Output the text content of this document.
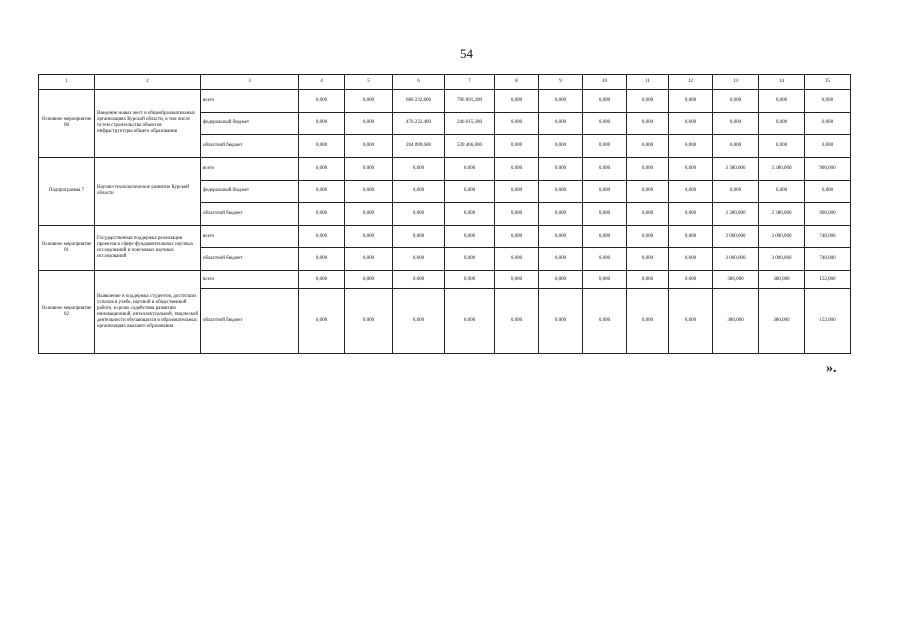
54
1	2	3	4	5	6	7	8	9	10	11	12	13	14	15
Основное мероприятие 08	Введение новых мест в общеобразовательных организациях Курской области, в том числе путем строительства объектов инфраструктуры общего образования	всего	0,000	0,000	680 232,800	796 091,200	0,000	0,000	0,000	0,000	0,000	0,000	0,000	0,000
		федеральный бюджет	0,000	0,000	476 232,400	246 615,300	0,000	0,000	0,000	0,000	0,000	0,000	0,000	0,000
		областной бюджет	0,000	0,000	204 099,600	539 466,000	0,000	0,000	0,000	0,000	0,000	0,000	0,000	0,000
Подпрограмма 7	Научно-технологическое развитие Курской области	всего	0,000	0,000	0,000	0,000	0,000	0,000	0,000	0,000	0,000	3 380,000	3 380,000	900,000
		федеральный бюджет	0,000	0,000	0,000	0,000	0,000	0,000	0,000	0,000	0,000	0,000	0,000	0,000
		областной бюджет	0,000	0,000	0,000	0,000	0,000	0,000	0,000	0,000	0,000	3 380,000	3 380,000	900,000
Основное мероприятие 01	Государственная поддержка реализации проектов в сфере фундаментальных научных исследований и поисковых научных исследований	всего	0,000	0,000	0,000	0,000	0,000	0,000	0,000	0,000	0,000	3 000,000	3 000,000	748,000
		областной бюджет	0,000	0,000	0,000	0,000	0,000	0,000	0,000	0,000	0,000	3 000,000	3 000,000	748,000
Основное мероприятие 02	Выявление и поддержка студентов, достигших успехов в учебе, научной и общественной работе, в целях содействия развитию инновационной, интеллектуальной, творческой деятельности обучающихся в образовательных организациях высшего образования	всего	0,000	0,000	0,000	0,000	0,000	0,000	0,000	0,000	0,000	380,000	380,000	152,000
		областной бюджет	0,000	0,000	0,000	0,000	0,000	0,000	0,000	0,000	0,000	380,000	380,000	152,000
».
